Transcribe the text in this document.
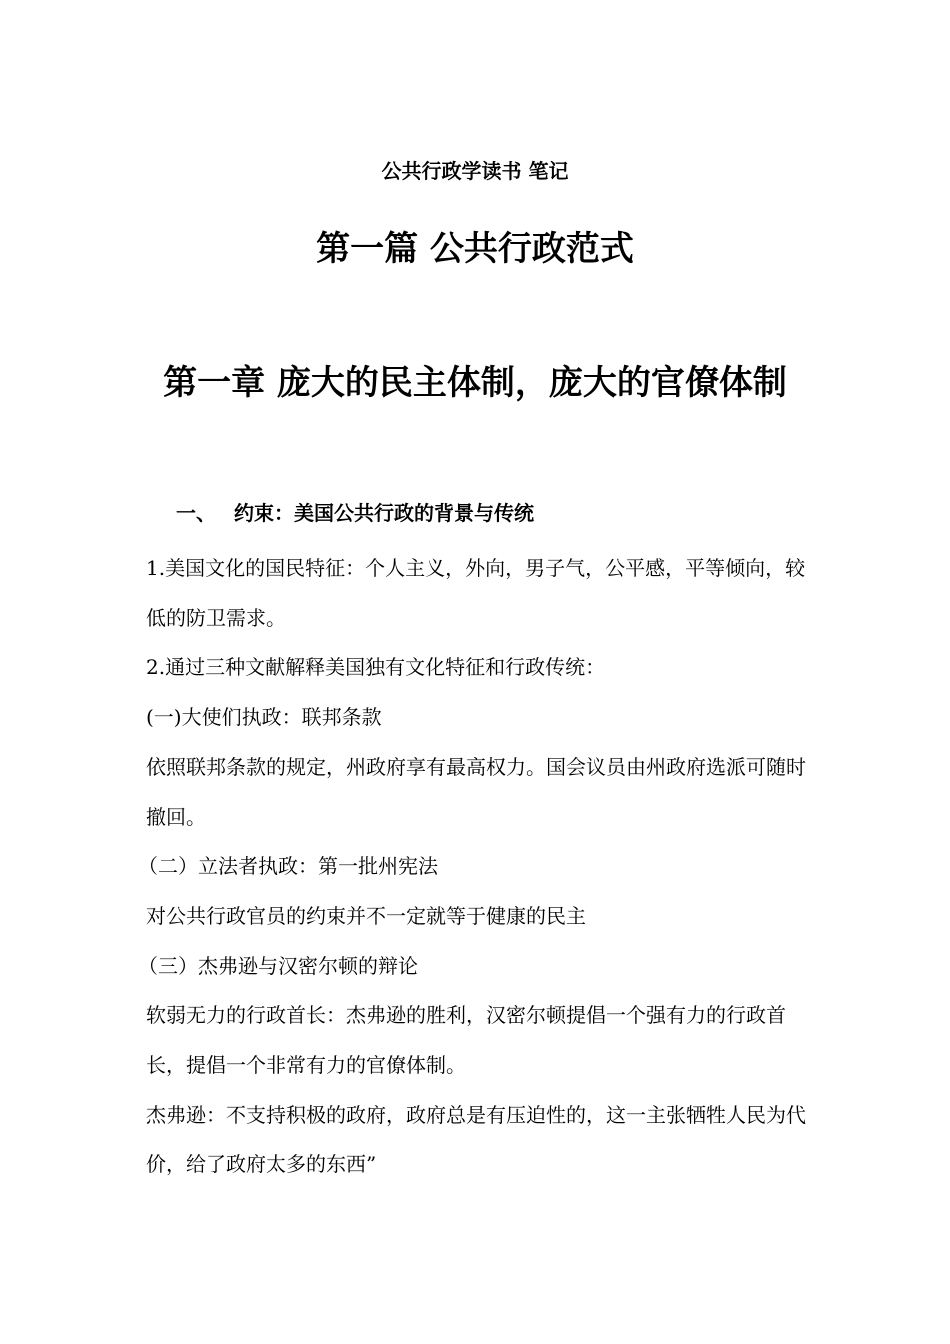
公共行政学读书 笔记
第一篇 公共行政范式
第一章 庞大的民主体制，庞大的官僚体制
一、 约束：美国公共行政的背景与传统

1.美国文化的国民特征：个人主义，外向，男子气，公平感，平等倾向，较低的防卫需求。

2.通过三种文献解释美国独有文化特征和行政传统：

(一)大使们执政：联邦条款

依照联邦条款的规定，州政府享有最高权力。国会议员由州政府选派可随时撤回。

（二）立法者执政：第一批州宪法

对公共行政官员的约束并不一定就等于健康的民主

（三）杰弗逊与汉密尔顿的辩论

软弱无力的行政首长：杰弗逊的胜利，汉密尔顿提倡一个强有力的行政首长，提倡一个非常有力的官僚体制。

杰弗逊：不支持积极的政府，政府总是有压迫性的，这一主张牺牲人民为代价，给了政府太多的东西”
